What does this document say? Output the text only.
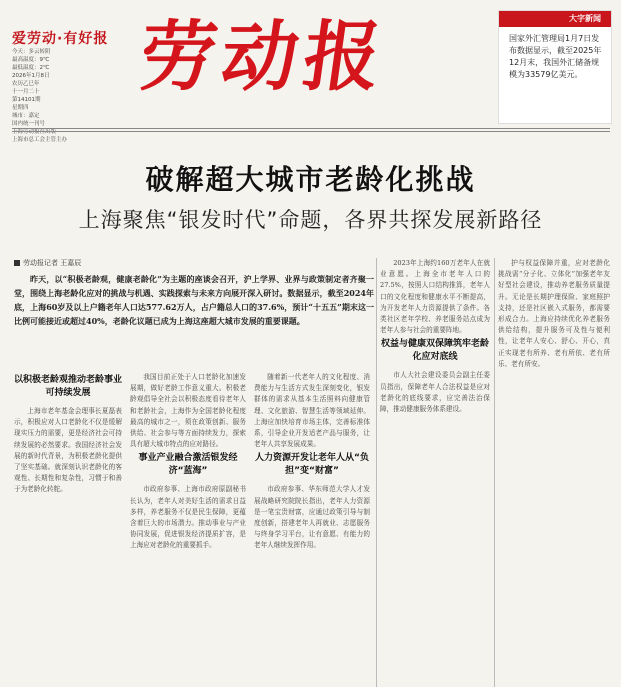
爱劳动·有好报
今天：多云转阴
最高温度：9℃
最低温度：2℃
2026年1月8日
农历乙巳年
十一月二十
第14101期
星期四
城市：嘉定
国内统一刊号
上海劳动报社出版
上海市总工会主管主办
劳动报	大字新闻
国家外汇管理局1月7日发布数据显示，截至2025年12月末，我国外汇储备规模为33579亿美元。
破解超大城市老龄化挑战
上海聚焦“银发时代”命题，各界共探发展新路径
劳动报记者 王嘉辰
昨天，以“积极老龄观，健康老龄化”为主题的座谈会召开，沪上学界、业界与政策制定者齐聚一堂，围绕上海老龄化应对的挑战与机遇、实践探索与未来方向展开深入研讨。数据显示，截至2024年底，上海60岁及以上户籍老年人口达577.62万人，占户籍总人口的37.6%，预计“十五五”期末这一比例可能接近或超过40%，老龄化议题已成为上海这座超大城市发展的重要课题。
以积极老龄观推动老龄事业可持续发展

上海市老年基金会理事长夏磊表示，积极应对人口老龄化不仅是缓解现实压力的需要，更是经济社会可持续发展的必然要求。我国经济社会发展的新时代背景，为积极老龄化提供了坚实基础。就深刻认识老龄化的客观性、长期性和复杂性，习惯于和善于为老龄化转舵。

我国目前正处于人口老龄化加速发展期，做好老龄工作意义重大。积极老龄观倡导全社会以积极态度看待老年人和老龄社会，上海作为全国老龄化程度最高的城市之一，须在政策创新、服务供给、社会参与等方面持续发力，探索具有超大城市特点的应对路径。

事业产业融合激活银发经济“蓝海”

市政府参事、上海市政府原副秘书长认为，老年人对美好生活的需求日益多样，养老服务不仅是民生保障，更蕴含着巨大的市场潜力。推动事业与产业协同发展，促进银发经济提质扩容，是上海应对老龄化的重要抓手。

随着新一代老年人的文化程度、消费能力与生活方式发生深刻变化，银发群体的需求从基本生活照料向健康管理、文化旅游、智慧生活等领域延伸。上海应加快培育市场主体，完善标准体系，引导企业开发适老产品与服务，让老年人共享发展成果。

人力资源开发让老年人从“负担”变“财富”

市政府参事、华东师范大学人才发展战略研究院院长指出，老年人力资源是一笔宝贵财富，应通过政策引导与制度创新，搭建老年人再就业、志愿服务与终身学习平台，让有意愿、有能力的老年人继续发挥作用。

2023年上海约160万老年人在就业意愿。上海全市老年人口的27.5%，按照人口结构推算，老年人口的文化程度和健康水平不断提高，为开发老年人力资源提供了条件。各类社区老年学校、养老服务站点成为老年人参与社会的重要阵地。

权益与健康双保障筑牢老龄化应对底线

市人大社会建设委员会副主任委员指出，保障老年人合法权益是应对老龄化的底线要求，应完善法治保障，推动健康服务体系建设。

护与权益保障并重，应对老龄化挑战需“分子化、立体化”加强老年友好型社会建设，推动养老服务质量提升。无论是长期护理保险、家庭照护支持，还是社区嵌入式服务，都需要形成合力。上海应持续优化养老服务供给结构，提升服务可及性与便利性，让老年人安心、舒心、开心，真正实现老有所养、老有所依、老有所乐、老有所安。
